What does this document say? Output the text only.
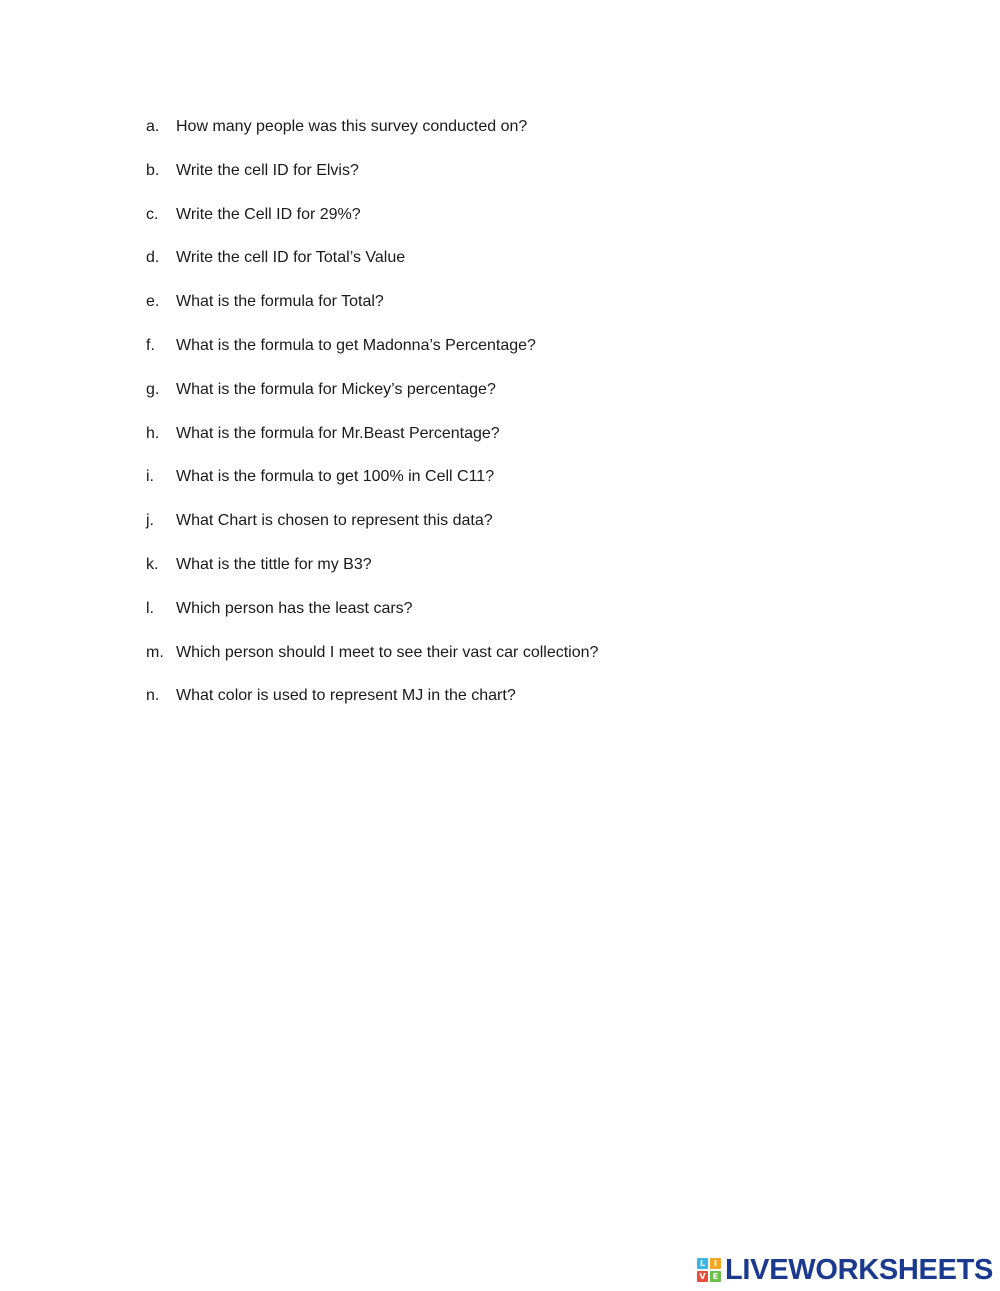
a.	How many people was this survey conducted on?
b.	Write the cell ID for Elvis?
c.	Write the Cell ID for 29%?
d.	Write the cell ID for Total’s Value
e.	What is the formula for Total?
f.	What is the formula to get Madonna’s Percentage?
g.	What is the formula for Mickey’s percentage?
h.	What is the formula for Mr.Beast Percentage?
i.	What is the formula to get 100% in Cell C11?
j.	What Chart is chosen to represent this data?
k.	What is the tittle for my B3?
l.	Which person has the least cars?
m. Which person should I meet to see their vast car collection?
n.	What color is used to represent MJ in the chart?
L	I
V E LIVEWORKSHEETS
